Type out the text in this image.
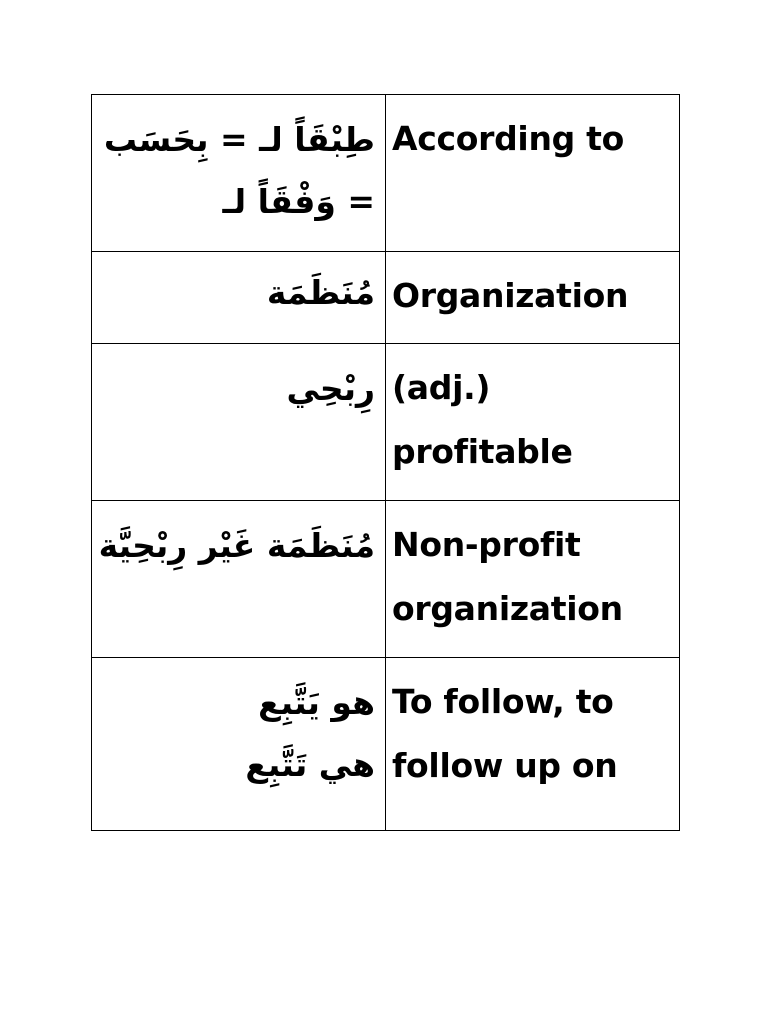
طِبْقَاً لـ = بِحَسَب
= وَفْقَاً لـ	According to

مُنَظَمَة	Organization

رِبْحِي	(adj.)
profitable

مُنَظَمَة غَيْر رِبْحِيَّة	Non-profit
organization

هو يَتَّبِع
هي تَتَّبِع	To follow, to
follow up on
